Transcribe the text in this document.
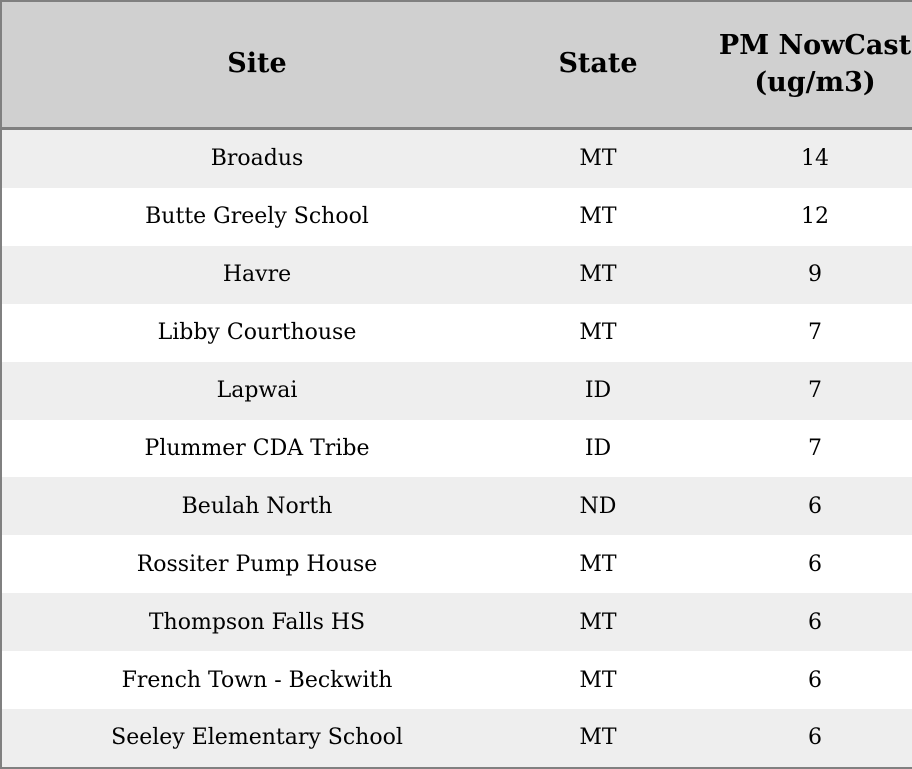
Site	State	PM NowCast (ug/m3)
Broadus	MT	14
Butte Greely School	MT	12
Havre	MT	9
Libby Courthouse	MT	7
Lapwai	ID	7
Plummer CDA Tribe	ID	7
Beulah North	ND	6
Rossiter Pump House	MT	6
Thompson Falls HS	MT	6
French Town - Beckwith	MT	6
Seeley Elementary School	MT	6
